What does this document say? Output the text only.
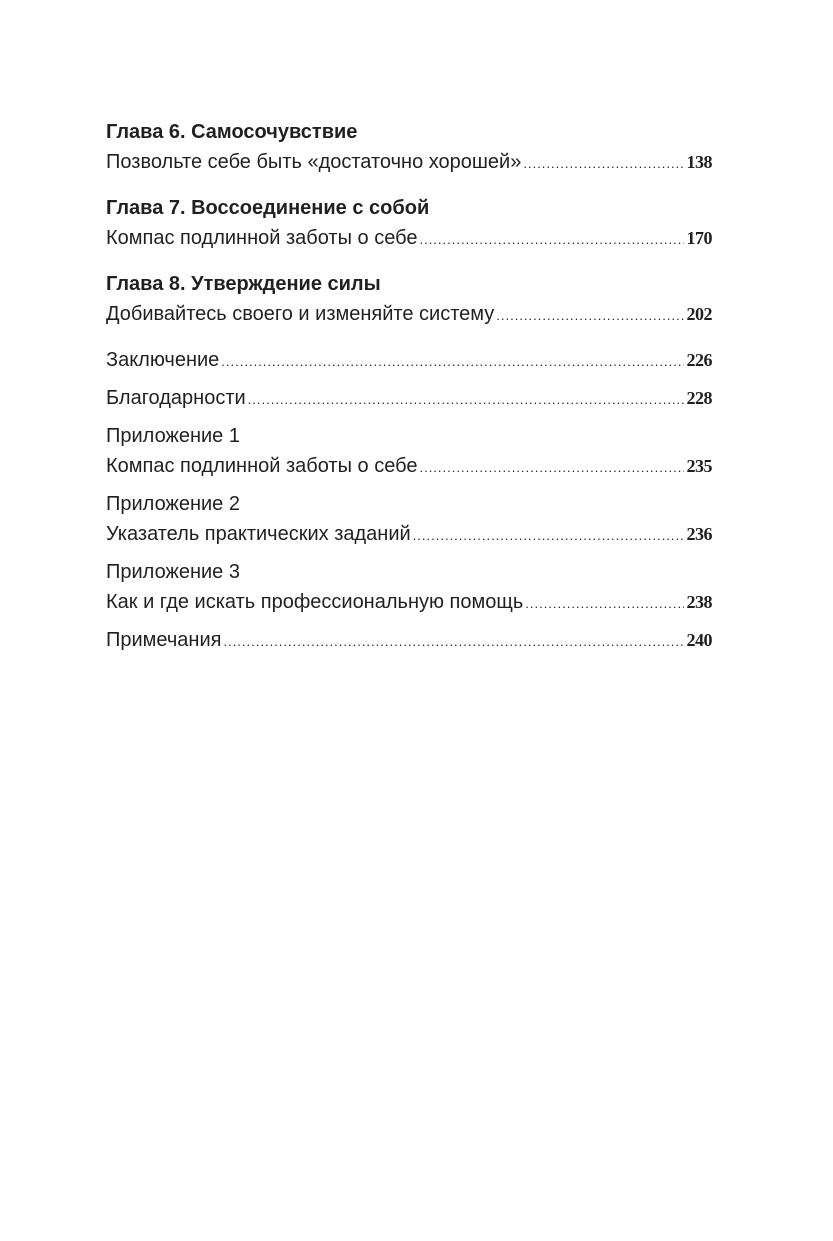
Глава 6. Самосочувствие
Позвольте себе быть «достаточно хорошей» .....	138
Глава 7. Воссоединение с собой
Компас подлинной заботы о себе .....	170
Глава 8. Утверждение силы
Добивайтесь своего и изменяйте систему .....	202
Заключение .....	226
Благодарности .....	228
Приложение 1
Компас подлинной заботы о себе .....	235
Приложение 2
Указатель практических заданий .....	236
Приложение 3
Как и где искать профессиональную помощь .....	238
Примечания .....	240
